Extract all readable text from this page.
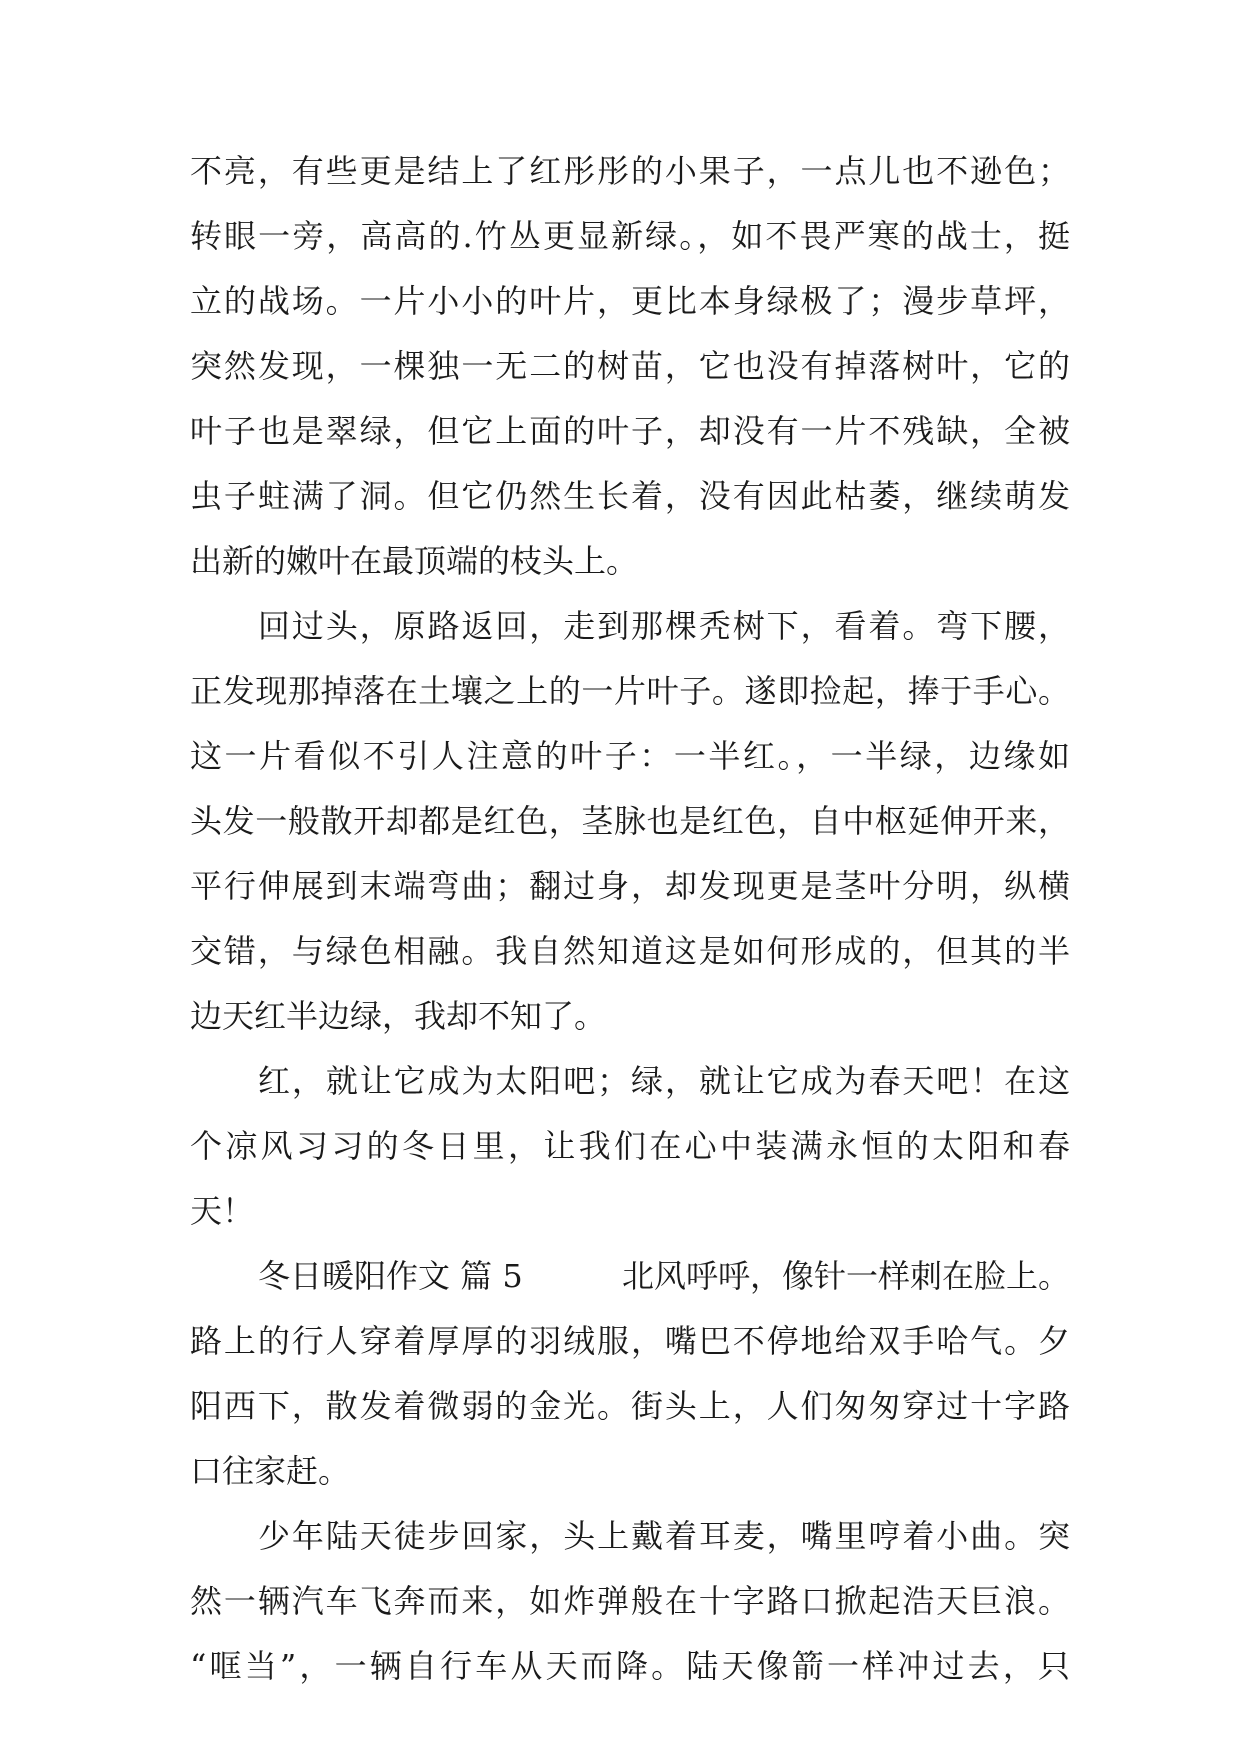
不亮，有些更是结上了红彤彤的小果子，一点儿也不逊色；
转眼一旁，高高的.竹丛更显新绿。，如不畏严寒的战士，挺
立的战场。一片小小的叶片，更比本身绿极了；漫步草坪，
突然发现，一棵独一无二的树苗，它也没有掉落树叶，它的
叶子也是翠绿，但它上面的叶子，却没有一片不残缺，全被
虫子蛀满了洞。但它仍然生长着，没有因此枯萎，继续萌发
出新的嫩叶在最顶端的枝头上。
回过头，原路返回，走到那棵秃树下，看着。弯下腰，
正发现那掉落在土壤之上的一片叶子。遂即捡起，捧于手心。
这一片看似不引人注意的叶子：一半红。，一半绿，边缘如
头发一般散开却都是红色，茎脉也是红色，自中枢延伸开来，
平行伸展到末端弯曲；翻过身，却发现更是茎叶分明，纵横
交错，与绿色相融。我自然知道这是如何形成的，但其的半
边天红半边绿，我却不知了。
红，就让它成为太阳吧；绿，就让它成为春天吧！在这
个凉风习习的冬日里，让我们在心中装满永恒的太阳和春
天！
冬日暖阳作文 篇 5	北风呼呼，像针一样刺在脸上。
路上的行人穿着厚厚的羽绒服，嘴巴不停地给双手哈气。夕
阳西下，散发着微弱的金光。街头上，人们匆匆穿过十字路
口往家赶。
少年陆天徒步回家，头上戴着耳麦，嘴里哼着小曲。突
然一辆汽车飞奔而来，如炸弹般在十字路口掀起浩天巨浪。
“哐当”，一辆自行车从天而降。陆天像箭一样冲过去，只
